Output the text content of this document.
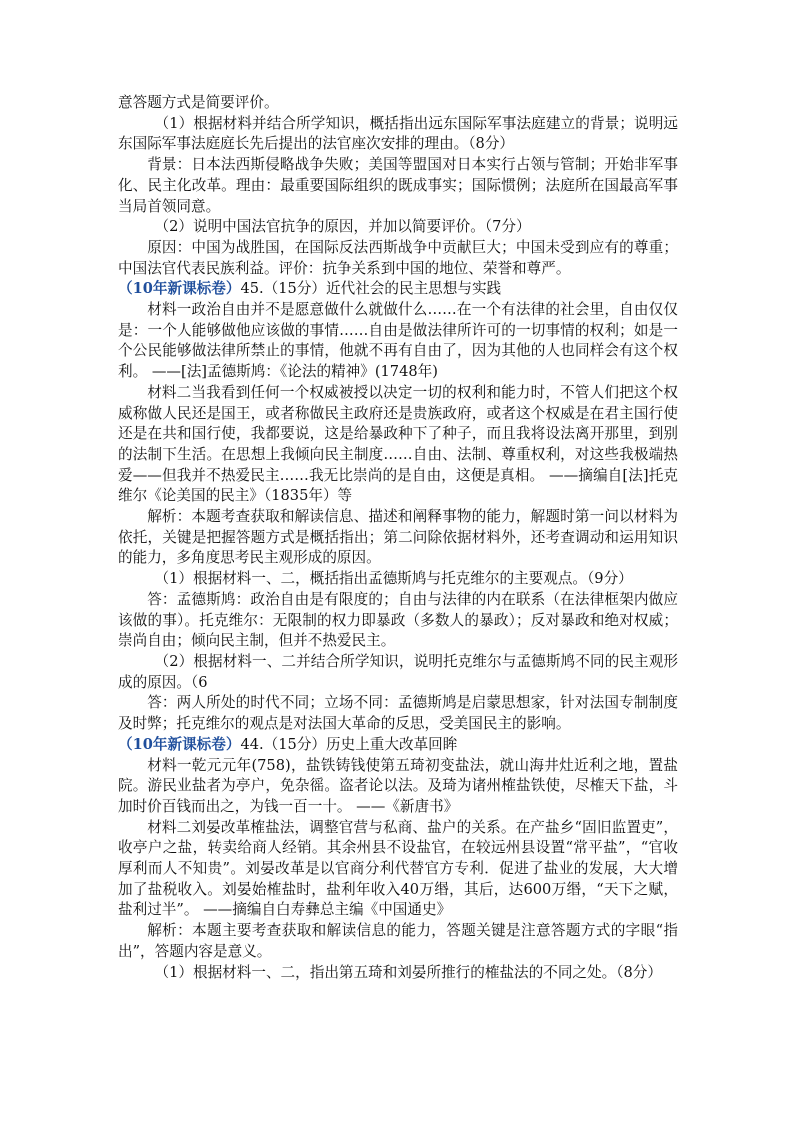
意答题方式是简要评价。

（1）根据材料并结合所学知识，概括指出远东国际军事法庭建立的背景；说明远东国际军事法庭庭长先后提出的法官座次安排的理由。（8分）

背景：日本法西斯侵略战争失败；美国等盟国对日本实行占领与管制；开始非军事化、民主化改革。理由：最重要国际组织的既成事实；国际惯例；法庭所在国最高军事当局首领同意。

（2）说明中国法官抗争的原因，并加以简要评价。（7分）

原因：中国为战胜国，在国际反法西斯战争中贡献巨大；中国未受到应有的尊重；中国法官代表民族利益。评价：抗争关系到中国的地位、荣誉和尊严。

（10年新课标卷）45.（15分）近代社会的民主思想与实践

材料一政治自由并不是愿意做什么就做什么……在一个有法律的社会里，自由仅仅是：一个人能够做他应该做的事情……自由是做法律所许可的一切事情的权利；如是一个公民能够做法律所禁止的事情，他就不再有自由了，因为其他的人也同样会有这个权利。 ——[法]孟德斯鸠：《论法的精神》(1748年)

材料二当我看到任何一个权威被授以决定一切的权利和能力时，不管人们把这个权威称做人民还是国王，或者称做民主政府还是贵族政府，或者这个权威是在君主国行使还是在共和国行使，我都要说，这是给暴政种下了种子，而且我将设法离开那里，到别的法制下生活。在思想上我倾向民主制度……自由、法制、尊重权利，对这些我极端热爱——但我并不热爱民主……我无比崇尚的是自由，这便是真相。 ——摘编自[法]托克维尔《论美国的民主》（1835年）等

解析：本题考查获取和解读信息、描述和阐释事物的能力，解题时第一问以材料为依托，关键是把握答题方式是概括指出；第二问除依据材料外，还考查调动和运用知识的能力，多角度思考民主观形成的原因。

（1）根据材料一、二，概括指出孟德斯鸠与托克维尔的主要观点。（9分）

答：孟德斯鸠：政治自由是有限度的；自由与法律的内在联系（在法律框架内做应该做的事）。托克维尔：无限制的权力即暴政（多数人的暴政）；反对暴政和绝对权威；崇尚自由；倾向民主制，但并不热爱民主。

（2）根据材料一、二并结合所学知识，说明托克维尔与孟德斯鸠不同的民主观形成的原因。（6

答：两人所处的时代不同；立场不同：孟德斯鸠是启蒙思想家，针对法国专制制度及时弊；托克维尔的观点是对法国大革命的反思，受美国民主的影响。

（10年新课标卷）44.（15分）历史上重大改革回眸

材料一乾元元年(758)，盐铁铸钱使第五琦初变盐法，就山海井灶近利之地，置盐院。游民业盐者为亭户，免杂徭。盗者论以法。及琦为诸州榷盐铁使，尽榷天下盐，斗加时价百钱而出之，为钱一百一十。 ——《新唐书》

材料二刘晏改革榷盐法，调整官营与私商、盐户的关系。在产盐乡“固旧监置吏”，收亭户之盐，转卖给商人经销。其余州县不设盐官，在较远州县设置“常平盐”，“官收厚利而人不知贵”。刘晏改革是以官商分利代替官方专利．促进了盐业的发展，大大增加了盐税收入。刘晏始榷盐时，盐利年收入40万缗，其后，达600万缗，“天下之赋，盐利过半”。 ——摘编自白寿彝总主编《中国通史》

解析：本题主要考查获取和解读信息的能力，答题关键是注意答题方式的字眼“指出”，答题内容是意义。

（1）根据材料一、二，指出第五琦和刘晏所推行的榷盐法的不同之处。（8分）
